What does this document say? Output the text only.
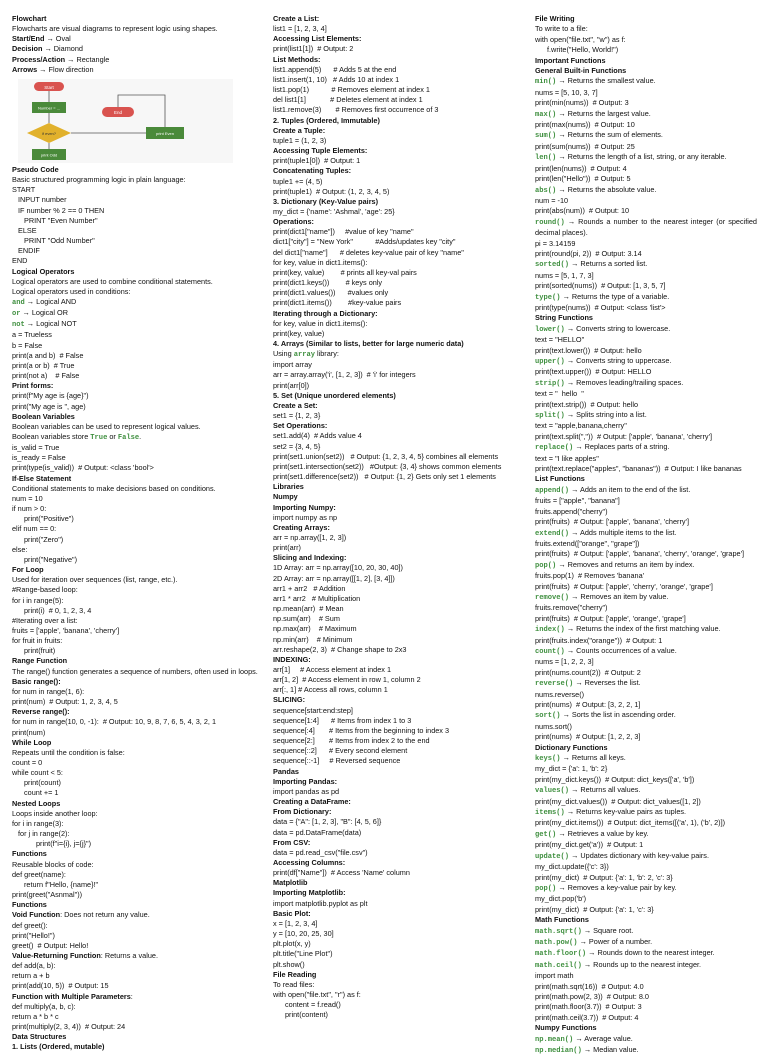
Flowchart
Flowcharts are visual diagrams to represent logic using shapes.
Start/End → Oval
Decision → Diamond
Process/Action → Rectangle
Arrows → Flow direction
Start
Number = ...
if even?	print Even
print Odd
End
Pseudo Code
Basic structured programming logic in plain language:
START
INPUT number
IF number % 2 == 0 THEN
PRINT "Even Number"
ELSE
PRINT "Odd Number"
ENDIF
END
Logical Operators
Logical operators are used to combine conditional statements.
Logical operators used in conditions:
and → Logical AND
or → Logical OR
not → Logical NOT
a = Trueless
b = False
print(a and b)  # False
print(a or b)  # True
print(not a)    # False
Print forms:
print(f"My age is {age}")
print("My age is ", age)
Boolean Variables
Boolean variables can be used to represent logical values.
Boolean variables store True or False.
is_valid = True
is_ready = False
print(type(is_valid))  # Output: <class 'bool'>
If-Else Statement
Conditional statements to make decisions based on conditions.
num = 10
if num > 0:
print("Positive")
elif num == 0:
print("Zero")
else:
print("Negative")
For Loop
Used for iteration over sequences (list, range, etc.).
#Range-based loop:
for i in range(5):
print(i)  # 0, 1, 2, 3, 4
#Iterating over a list:
fruits = ['apple', 'banana', 'cherry']
for fruit in fruits:
print(fruit)
Range Function
The range() function generates a sequence of numbers, often used in loops.
Basic range():
for num in range(1, 6):
print(num)  # Output: 1, 2, 3, 4, 5
Reverse range():
for num in range(10, 0, -1):  # Output: 10, 9, 8, 7, 6, 5, 4, 3, 2, 1
print(num)
While Loop
Repeats until the condition is false:
count = 0
while count < 5:
print(count)
count += 1
Nested Loops
Loops inside another loop:
for i in range(3):
for j in range(2):
print(f"i={i}, j={j}")
Functions
Reusable blocks of code:
def greet(name):
return f"Hello, {name}!"
print(greet("Asnmal"))
Functions
Void Function: Does not return any value.
def greet():
print("Hello!")
greet()  # Output: Hello!
Value-Returning Function: Returns a value.
def add(a, b):
return a + b
print(add(10, 5))  # Output: 15
Function with Multiple Parameters:
def multiply(a, b, c):
return a * b * c
print(multiply(2, 3, 4))  # Output: 24
Data Structures
1. Lists (Ordered, mutable)
Create a List:
list1 = [1, 2, 3, 4]
Accessing List Elements:
print(list1[1])  # Output: 2
List Methods:
list1.append(5)      # Adds 5 at the end
list1.insert(1, 10)   # Adds 10 at index 1
list1.pop(1)           # Removes element at index 1
del list1[1]            # Deletes element at index 1
list1.remove(3)       # Removes first occurrence of 3
2. Tuples (Ordered, Immutable)
Create a Tuple:
tuple1 = (1, 2, 3)
Accessing Tuple Elements:
print(tuple1[0])  # Output: 1
Concatenating Tuples:
tuple1 += (4, 5)
print(tuple1)  # Output: (1, 2, 3, 4, 5)
3. Dictionary (Key-Value pairs)
my_dict = {'name': 'Ashmal', 'age': 25}
Operations:
print(dict1["name"])     #value of key "name"
dict1["city"] = "New York"           #Adds/updates key "city"
del dict1["name"]      # deletes key-value pair of key "name"
for key, value in dict1.items():
print(key, value)        # prints all key-val pairs
print(dict1.keys())        # keys only
print(dict1.values())      #values only
print(dict1.items())        #key-value pairs
Iterating through a Dictionary:
for key, value in dict1.items():
print(key, value)
4. Arrays (Similar to lists, better for large numeric data)
Using array library:
import array
arr = array.array('i', [1, 2, 3])  # 'i' for integers
print(arr[0])
5. Set (Unique unordered elements)
Create a Set:
set1 = {1, 2, 3}
Set Operations:
set1.add(4)  # Adds value 4
set2 = {3, 4, 5}
print(set1.union(set2))   # Output: {1, 2, 3, 4, 5} combines all elements
print(set1.intersection(set2))   #Output: {3, 4} shows common elements
print(set1.difference(set2))   # Output: {1, 2} Gets only set 1 elements
Libraries
Numpy
Importing Numpy:
import numpy as np
Creating Arrays:
arr = np.array([1, 2, 3])
print(arr)
Slicing and Indexing:
1D Array: arr = np.array([10, 20, 30, 40])
2D Array: arr = np.array([[1, 2], [3, 4]])
arr1 + arr2   # Addition
arr1 * arr2   # Multiplication
np.mean(arr)  # Mean
np.sum(arr)    # Sum
np.max(arr)    # Maximum
np.min(arr)    # Minimum
arr.reshape(2, 3)  # Change shape to 2x3
INDEXING:
arr[1]     # Access element at index 1
arr[1, 2]  # Access element in row 1, column 2
arr[:, 1] # Access all rows, column 1
SLICING:
sequence[start:end:step]
sequence[1:4]      # Items from index 1 to 3
sequence[:4]       # Items from the beginning to index 3
sequence[2:]       # Items from index 2 to the end
sequence[::2]      # Every second element
sequence[::-1]     # Reversed sequence
Pandas
Importing Pandas:
import pandas as pd
Creating a DataFrame:
From Dictionary:
data = {"A": [1, 2, 3], "B": [4, 5, 6]}
data = pd.DataFrame(data)
From CSV:
data = pd.read_csv("file.csv")
Accessing Columns:
print(df["Name"])  # Access 'Name' column
Matplotlib
Importing Matplotlib:
import matplotlib.pyplot as plt
Basic Plot:
x = [1, 2, 3, 4]
y = [10, 20, 25, 30]
plt.plot(x, y)
plt.title("Line Plot")
plt.show()
File Reading
To read files:
with open("file.txt", "r") as f:
content = f.read()
print(content)
File Writing
To write to a file:
with open("file.txt", "w") as f:
f.write("Hello, World!")
Important Functions
General Built-in Functions
min() → Returns the smallest value.
nums = [5, 10, 3, 7]
print(min(nums))  # Output: 3
max() → Returns the largest value.
print(max(nums))  # Output: 10
sum() → Returns the sum of elements.
print(sum(nums))  # Output: 25
len() → Returns the length of a list, string, or any iterable.
print(len(nums))  # Output: 4
print(len("Hello"))  # Output: 5
abs() → Returns the absolute value.
num = -10
print(abs(num))  # Output: 10
round() → Rounds a number to the nearest integer (or specified decimal places).
pi = 3.14159
print(round(pi, 2))  # Output: 3.14
sorted() → Returns a sorted list.
nums = [5, 1, 7, 3]
print(sorted(nums))  # Output: [1, 3, 5, 7]
type() → Returns the type of a variable.
print(type(nums))  # Output: <class 'list'>
String Functions
lower() → Converts string to lowercase.
text = "HELLO"
print(text.lower())  # Output: hello
upper() → Converts string to uppercase.
print(text.upper())  # Output: HELLO
strip() → Removes leading/trailing spaces.
text = "  hello  "
print(text.strip())  # Output: hello
split() → Splits string into a list.
text = "apple,banana,cherry"
print(text.split(","))  # Output: ['apple', 'banana', 'cherry']
replace() → Replaces parts of a string.
text = "I like apples"
print(text.replace("apples", "bananas"))  # Output: I like bananas
List Functions
append() → Adds an item to the end of the list.
fruits = ["apple", "banana"]
fruits.append("cherry")
print(fruits)  # Output: ['apple', 'banana', 'cherry']
extend() → Adds multiple items to the list.
fruits.extend(["orange", "grape"])
print(fruits)  # Output: ['apple', 'banana', 'cherry', 'orange', 'grape']
pop() → Removes and returns an item by index.
fruits.pop(1)  # Removes 'banana'
print(fruits)  # Output: ['apple', 'cherry', 'orange', 'grape']
remove() → Removes an item by value.
fruits.remove("cherry")
print(fruits)  # Output: ['apple', 'orange', 'grape']
index() → Returns the index of the first matching value.
print(fruits.index("orange"))  # Output: 1
count() → Counts occurrences of a value.
nums = [1, 2, 2, 3]
print(nums.count(2))  # Output: 2
reverse() → Reverses the list.
nums.reverse()
print(nums)  # Output: [3, 2, 2, 1]
sort() → Sorts the list in ascending order.
nums.sort()
print(nums)  # Output: [1, 2, 2, 3]
Dictionary Functions
keys() → Returns all keys.
my_dict = {'a': 1, 'b': 2}
print(my_dict.keys())  # Output: dict_keys(['a', 'b'])
values() → Returns all values.
print(my_dict.values())  # Output: dict_values([1, 2])
items() → Returns key-value pairs as tuples.
print(my_dict.items())  # Output: dict_items([('a', 1), ('b', 2)])
get() → Retrieves a value by key.
print(my_dict.get('a'))  # Output: 1
update() → Updates dictionary with key-value pairs.
my_dict.update({'c': 3})
print(my_dict)  # Output: {'a': 1, 'b': 2, 'c': 3}
pop() → Removes a key-value pair by key.
my_dict.pop('b')
print(my_dict)  # Output: {'a': 1, 'c': 3}
Math Functions
math.sqrt() → Square root.
math.pow() → Power of a number.
math.floor() → Rounds down to the nearest integer.
math.ceil() → Rounds up to the nearest integer.
import math
print(math.sqrt(16))  # Output: 4.0
print(math.pow(2, 3))  # Output: 8.0
print(math.floor(3.7))  # Output: 3
print(math.ceil(3.7))  # Output: 4
Numpy Functions
np.mean() → Average value.
np.median() → Median value.
